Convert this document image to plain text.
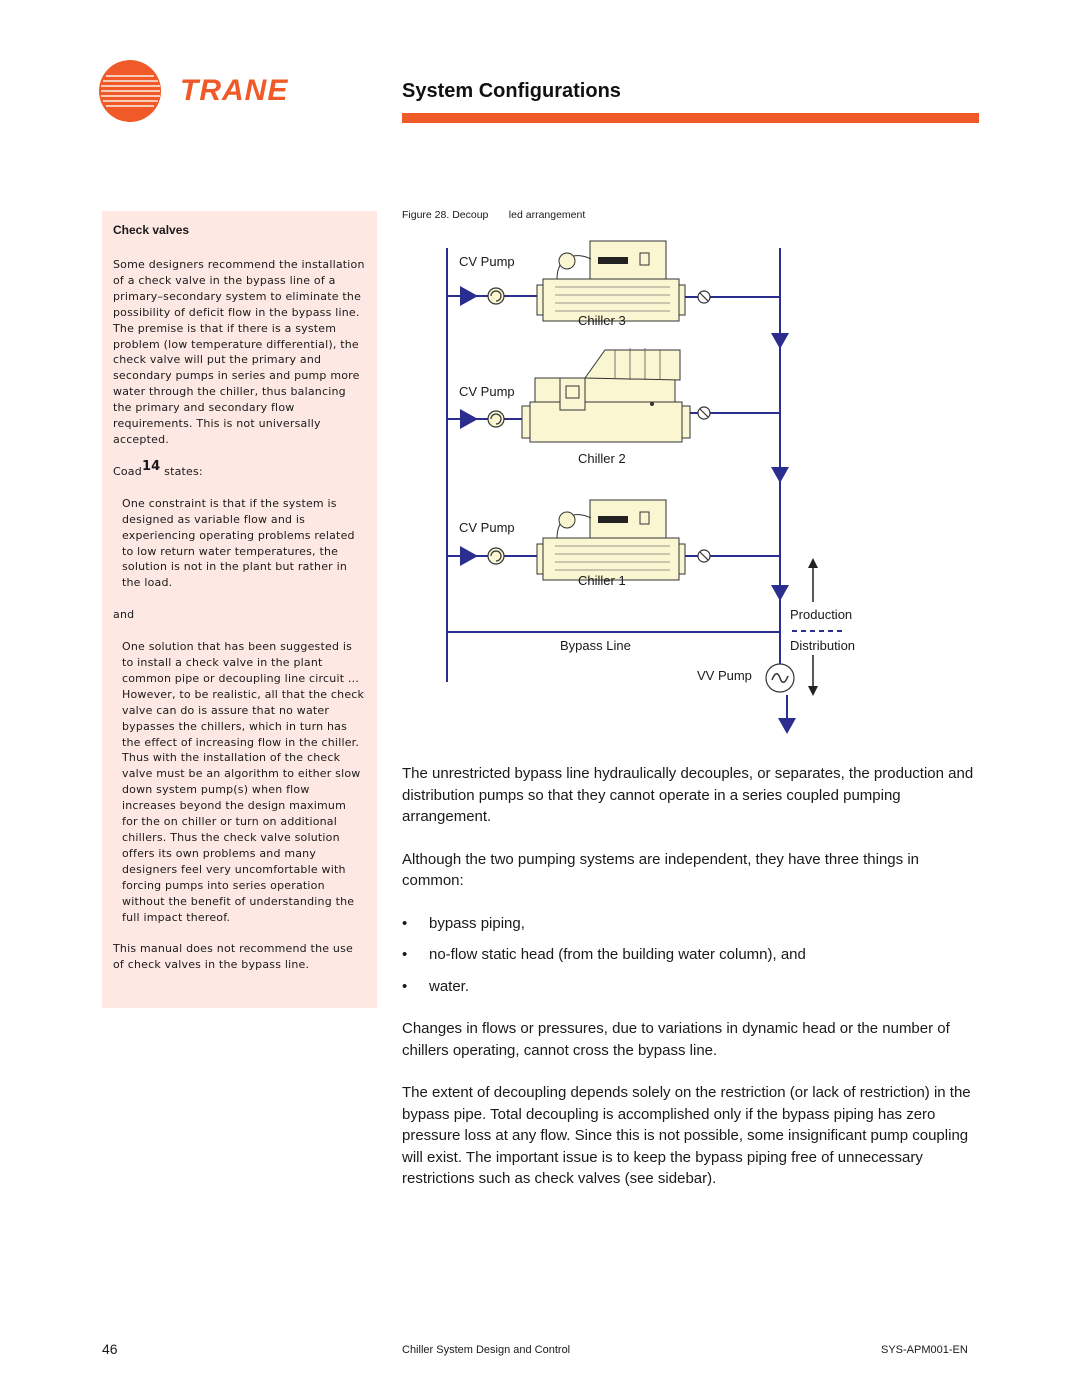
TRANE	System Configurations
Check valves

Some designers recommend the installation of a check valve in the bypass line of a primary–secondary system to eliminate the possibility of deficit flow in the bypass line. The premise is that if there is a system problem (low temperature differential), the check valve will put the primary and secondary pumps in series and pump more water through the chiller, thus balancing the primary and secondary flow requirements. This is not universally accepted.

Coad$^{14}$ states:

One constraint is that if the system is designed as variable flow and is experiencing operating problems related to low return water temperatures, the solution is not in the plant but rather in the load.

and

One solution that has been suggested is to install a check valve in the plant common pipe or decoupling line circuit …However, to be realistic, all that the check valve can do is assure that no water bypasses the chillers, which in turn has the effect of increasing flow in the chiller. Thus with the installation of the check valve must be an algorithm to either slow down system pump(s) when flow increases beyond the design maximum for the on chiller or turn on additional chillers. Thus the check valve solution offers its own problems and many designers feel very uncomfortable with forcing pumps into series operation without the benefit of understanding the full impact thereof.

This manual does not recommend the use of check valves in the bypass line.

Figure 28. Decoup       led arrangement
CV Pump
CV Pump
CV Pump
Chiller 3
Chiller 2
Chiller 1
Production
Distribution
Bypass Line
VV Pump

The unrestricted bypass line hydraulically decouples, or separates, the production and distribution pumps so that they cannot operate in a series coupled pumping arrangement.

Although the two pumping systems are independent, they have three things in common:

•	bypass piping,
•	no-flow static head (from the building water column), and
•	water.

Changes in flows or pressures, due to variations in dynamic head or the number of chillers operating, cannot cross the bypass line.

The extent of decoupling depends solely on the restriction (or lack of restriction) in the bypass pipe. Total decoupling is accomplished only if the bypass piping has zero pressure loss at any flow. Since this is not possible, some insignificant pump coupling will exist. The important issue is to keep the bypass piping free of unnecessary restrictions such as check valves (see sidebar).

46	Chiller System Design and Control	SYS-APM001-EN
